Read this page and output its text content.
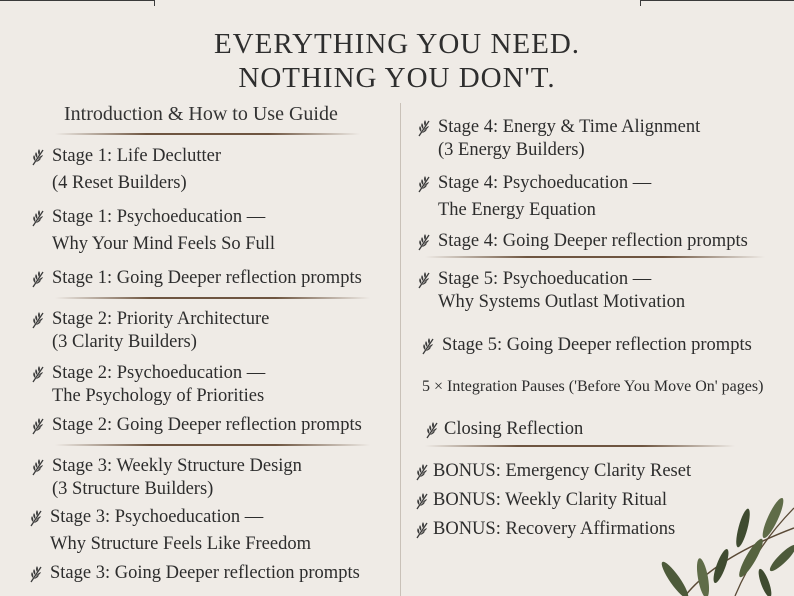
EVERYTHING YOU NEED.
NOTHING YOU DON'T.
Introduction & How to Use Guide
Stage 1: Life Declutter
(4 Reset Builders)
Stage 1: Psychoeducation —
Why Your Mind Feels So Full
Stage 1: Going Deeper reflection prompts
Stage 2: Priority Architecture
(3 Clarity Builders)
Stage 2: Psychoeducation —
The Psychology of Priorities
Stage 2: Going Deeper reflection prompts
Stage 3: Weekly Structure Design
(3 Structure Builders)
Stage 3: Psychoeducation —
Why Structure Feels Like Freedom
Stage 3: Going Deeper reflection prompts
Stage 4: Energy & Time Alignment
(3 Energy Builders)
Stage 4: Psychoeducation —
The Energy Equation
Stage 4: Going Deeper reflection prompts
Stage 5: Psychoeducation —
Why Systems Outlast Motivation
Stage 5: Going Deeper reflection prompts
5 × Integration Pauses ('Before You Move On' pages)
Closing Reflection
BONUS: Emergency Clarity Reset
BONUS: Weekly Clarity Ritual
BONUS: Recovery Affirmations
